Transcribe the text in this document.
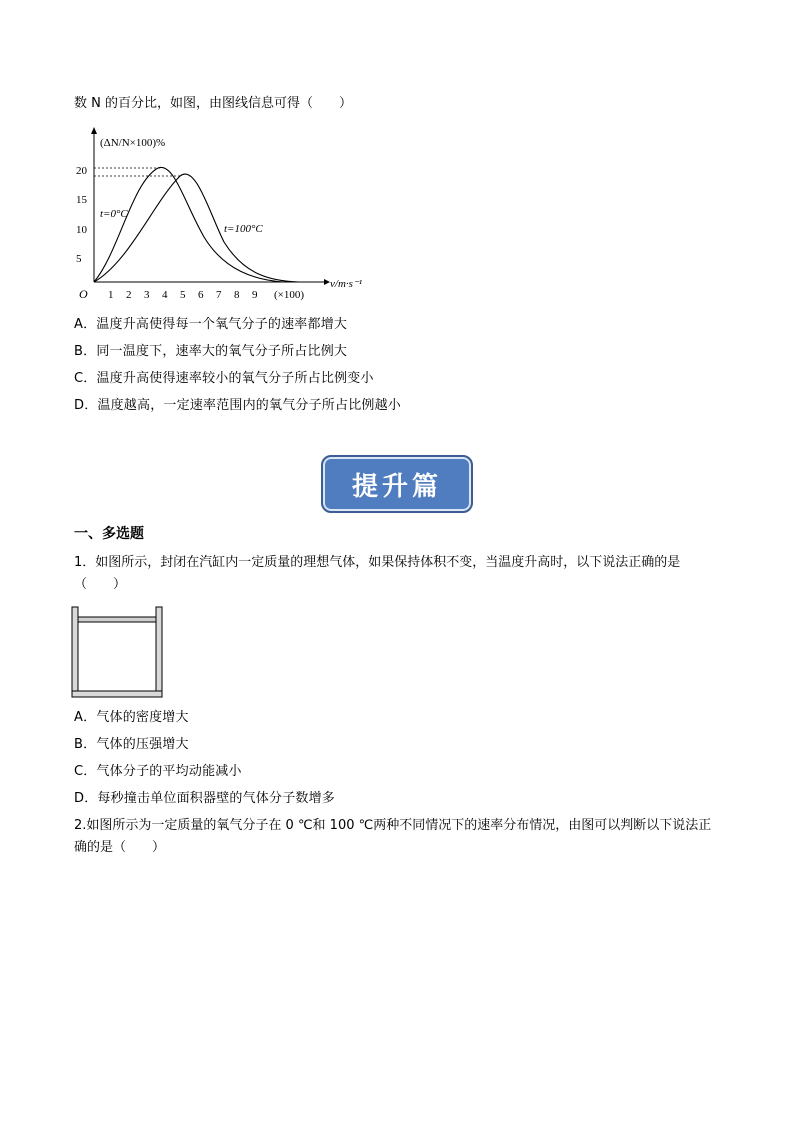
数 N 的百分比，如图，由图线信息可得（　　）
(ΔN/N×100)%
5
10
15
20
t=0°C
t=100°C
O 1 2 3 4 5 6 7 8 9 (×100)
v/m·s⁻¹
A．温度升高使得每一个氧气分子的速率都增大
B．同一温度下，速率大的氧气分子所占比例大
C．温度升高使得速率较小的氧气分子所占比例变小
D．温度越高，一定速率范围内的氧气分子所占比例越小
提升篇
一、多选题
1．如图所示，封闭在汽缸内一定质量的理想气体，如果保持体积不变，当温度升高时，以下说法正确的是（　　）
A．气体的密度增大
B．气体的压强增大
C．气体分子的平均动能减小
D．每秒撞击单位面积器壁的气体分子数增多
2.如图所示为一定质量的氧气分子在 0 ℃和 100 ℃两种不同情况下的速率分布情况，由图可以判断以下说法正确的是（　　）
